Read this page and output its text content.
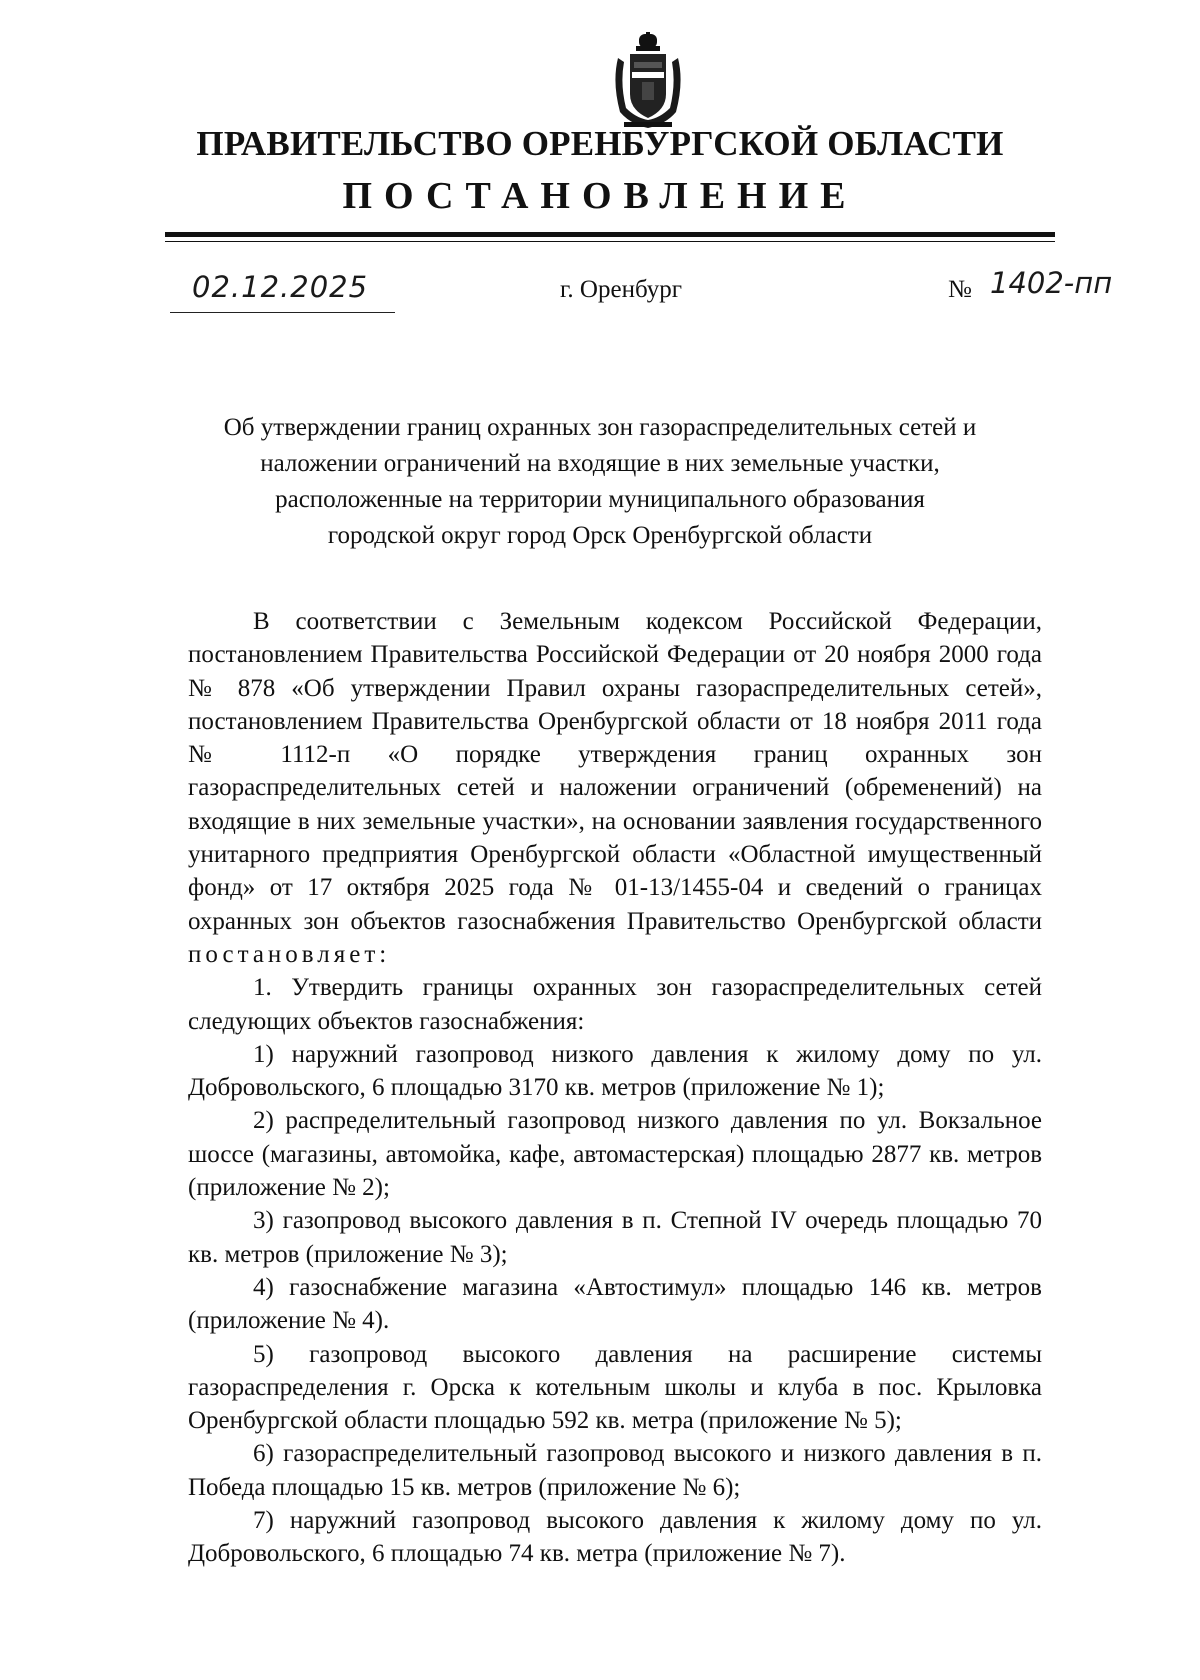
ПРАВИТЕЛЬСТВО ОРЕНБУРГСКОЙ ОБЛАСТИ
ПОСТАНОВЛЕНИЕ
02.12.2025	г. Оренбург	№ 1402-пп
Об утверждении границ охранных зон газораспределительных сетей и
наложении ограничений на входящие в них земельные участки,
расположенные на территории муниципального образования
городской округ город Орск Оренбургской области

В соответствии с Земельным кодексом Российской Федерации, постановлением Правительства Российской Федерации от 20 ноября 2000 года № 878 «Об утверждении Правил охраны газораспределительных сетей», постановлением Правительства Оренбургской области от 18 ноября 2011 года № 1112-п «О порядке утверждения границ охранных зон газораспределительных сетей и наложении ограничений (обременений) на входящие в них земельные участки», на основании заявления государственного унитарного предприятия Оренбургской области «Областной имущественный фонд» от 17 октября 2025 года № 01-13/1455-04 и сведений о границах охранных зон объектов газоснабжения Правительство Оренбургской области постановляет:

1. Утвердить границы охранных зон газораспределительных сетей следующих объектов газоснабжения:

1) наружний газопровод низкого давления к жилому дому по ул. Добровольского, 6 площадью 3170 кв. метров (приложение № 1);

2) распределительный газопровод низкого давления по ул. Вокзальное шоссе (магазины, автомойка, кафе, автомастерская) площадью 2877 кв. метров (приложение № 2);

3) газопровод высокого давления в п. Степной IV очередь площадью 70 кв. метров (приложение № 3);

4) газоснабжение магазина «Автостимул» площадью 146 кв. метров (приложение № 4).

5) газопровод высокого давления на расширение системы газораспределения г. Орска к котельным школы и клуба в пос. Крыловка Оренбургской области площадью 592 кв. метра (приложение № 5);

6) газораспределительный газопровод высокого и низкого давления в п. Победа площадью 15 кв. метров (приложение № 6);

7) наружний газопровод высокого давления к жилому дому по ул. Добровольского, 6 площадью 74 кв. метра (приложение № 7).
